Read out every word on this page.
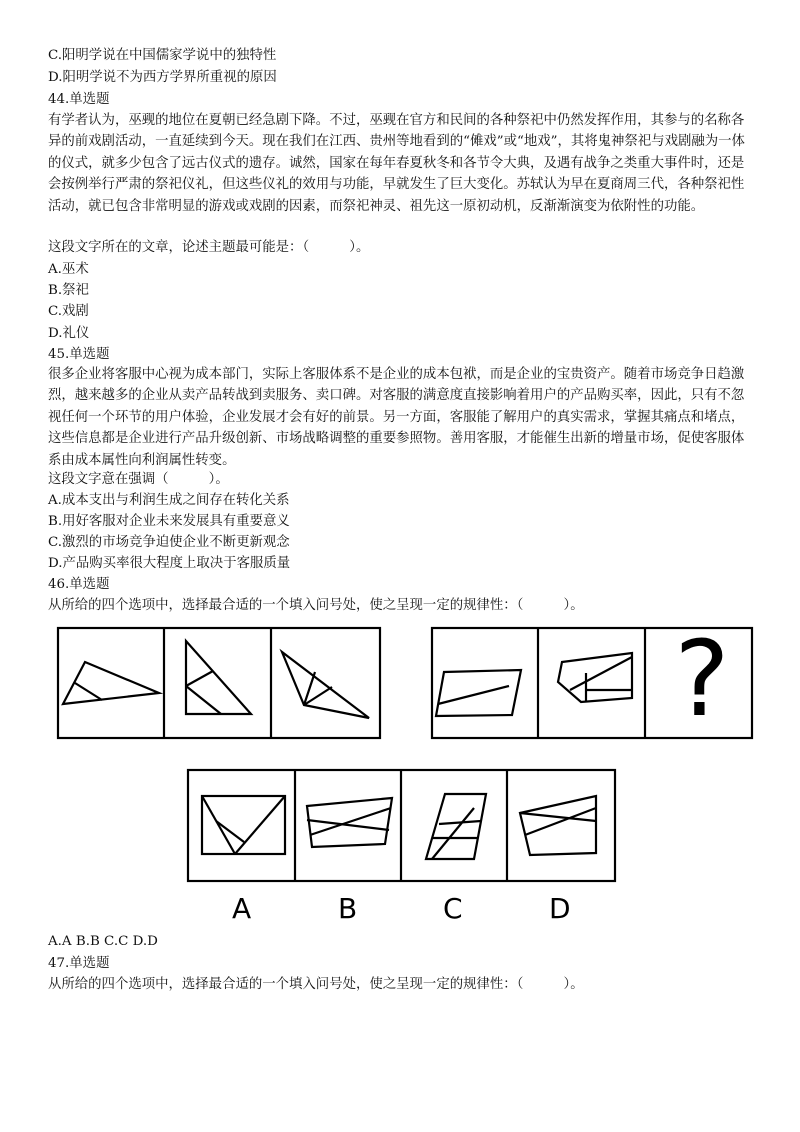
C.阳明学说在中国儒家学说中的独特性
D.阳明学说不为西方学界所重视的原因
44.单选题
有学者认为，巫觋的地位在夏朝已经急剧下降。不过，巫觋在官方和民间的各种祭祀中仍然发挥作用，其参与的名称各异的前戏剧活动，一直延续到今天。现在我们在江西、贵州等地看到的“傩戏”或“地戏”，其将鬼神祭祀与戏剧融为一体的仪式，就多少包含了远古仪式的遗存。诚然，国家在每年春夏秋冬和各节令大典，及遇有战争之类重大事件时，还是会按例举行严肃的祭祀仪礼，但这些仪礼的效用与功能，早就发生了巨大变化。苏轼认为早在夏商周三代，各种祭祀性活动，就已包含非常明显的游戏或戏剧的因素，而祭祀神灵、祖先这一原初动机，反渐渐演变为依附性的功能。
这段文字所在的文章，论述主题最可能是：（　　　）。
A.巫术
B.祭祀
C.戏剧
D.礼仪
45.单选题
很多企业将客服中心视为成本部门，实际上客服体系不是企业的成本包袱，而是企业的宝贵资产。随着市场竞争日趋激烈，越来越多的企业从卖产品转战到卖服务、卖口碑。对客服的满意度直接影响着用户的产品购买率，因此，只有不忽视任何一个环节的用户体验，企业发展才会有好的前景。另一方面，客服能了解用户的真实需求，掌握其痛点和堵点，这些信息都是企业进行产品升级创新、市场战略调整的重要参照物。善用客服，才能催生出新的增量市场，促使客服体系由成本属性向利润属性转变。
这段文字意在强调（　　　）。
A.成本支出与利润生成之间存在转化关系
B.用好客服对企业未来发展具有重要意义
C.激烈的市场竞争迫使企业不断更新观念
D.产品购买率很大程度上取决于客服质量
46.单选题
从所给的四个选项中，选择最合适的一个填入问号处，使之呈现一定的规律性：（　　　）。
?
A	B	C	D
A.A B.B C.C D.D
47.单选题
从所给的四个选项中，选择最合适的一个填入问号处，使之呈现一定的规律性：（　　　）。
